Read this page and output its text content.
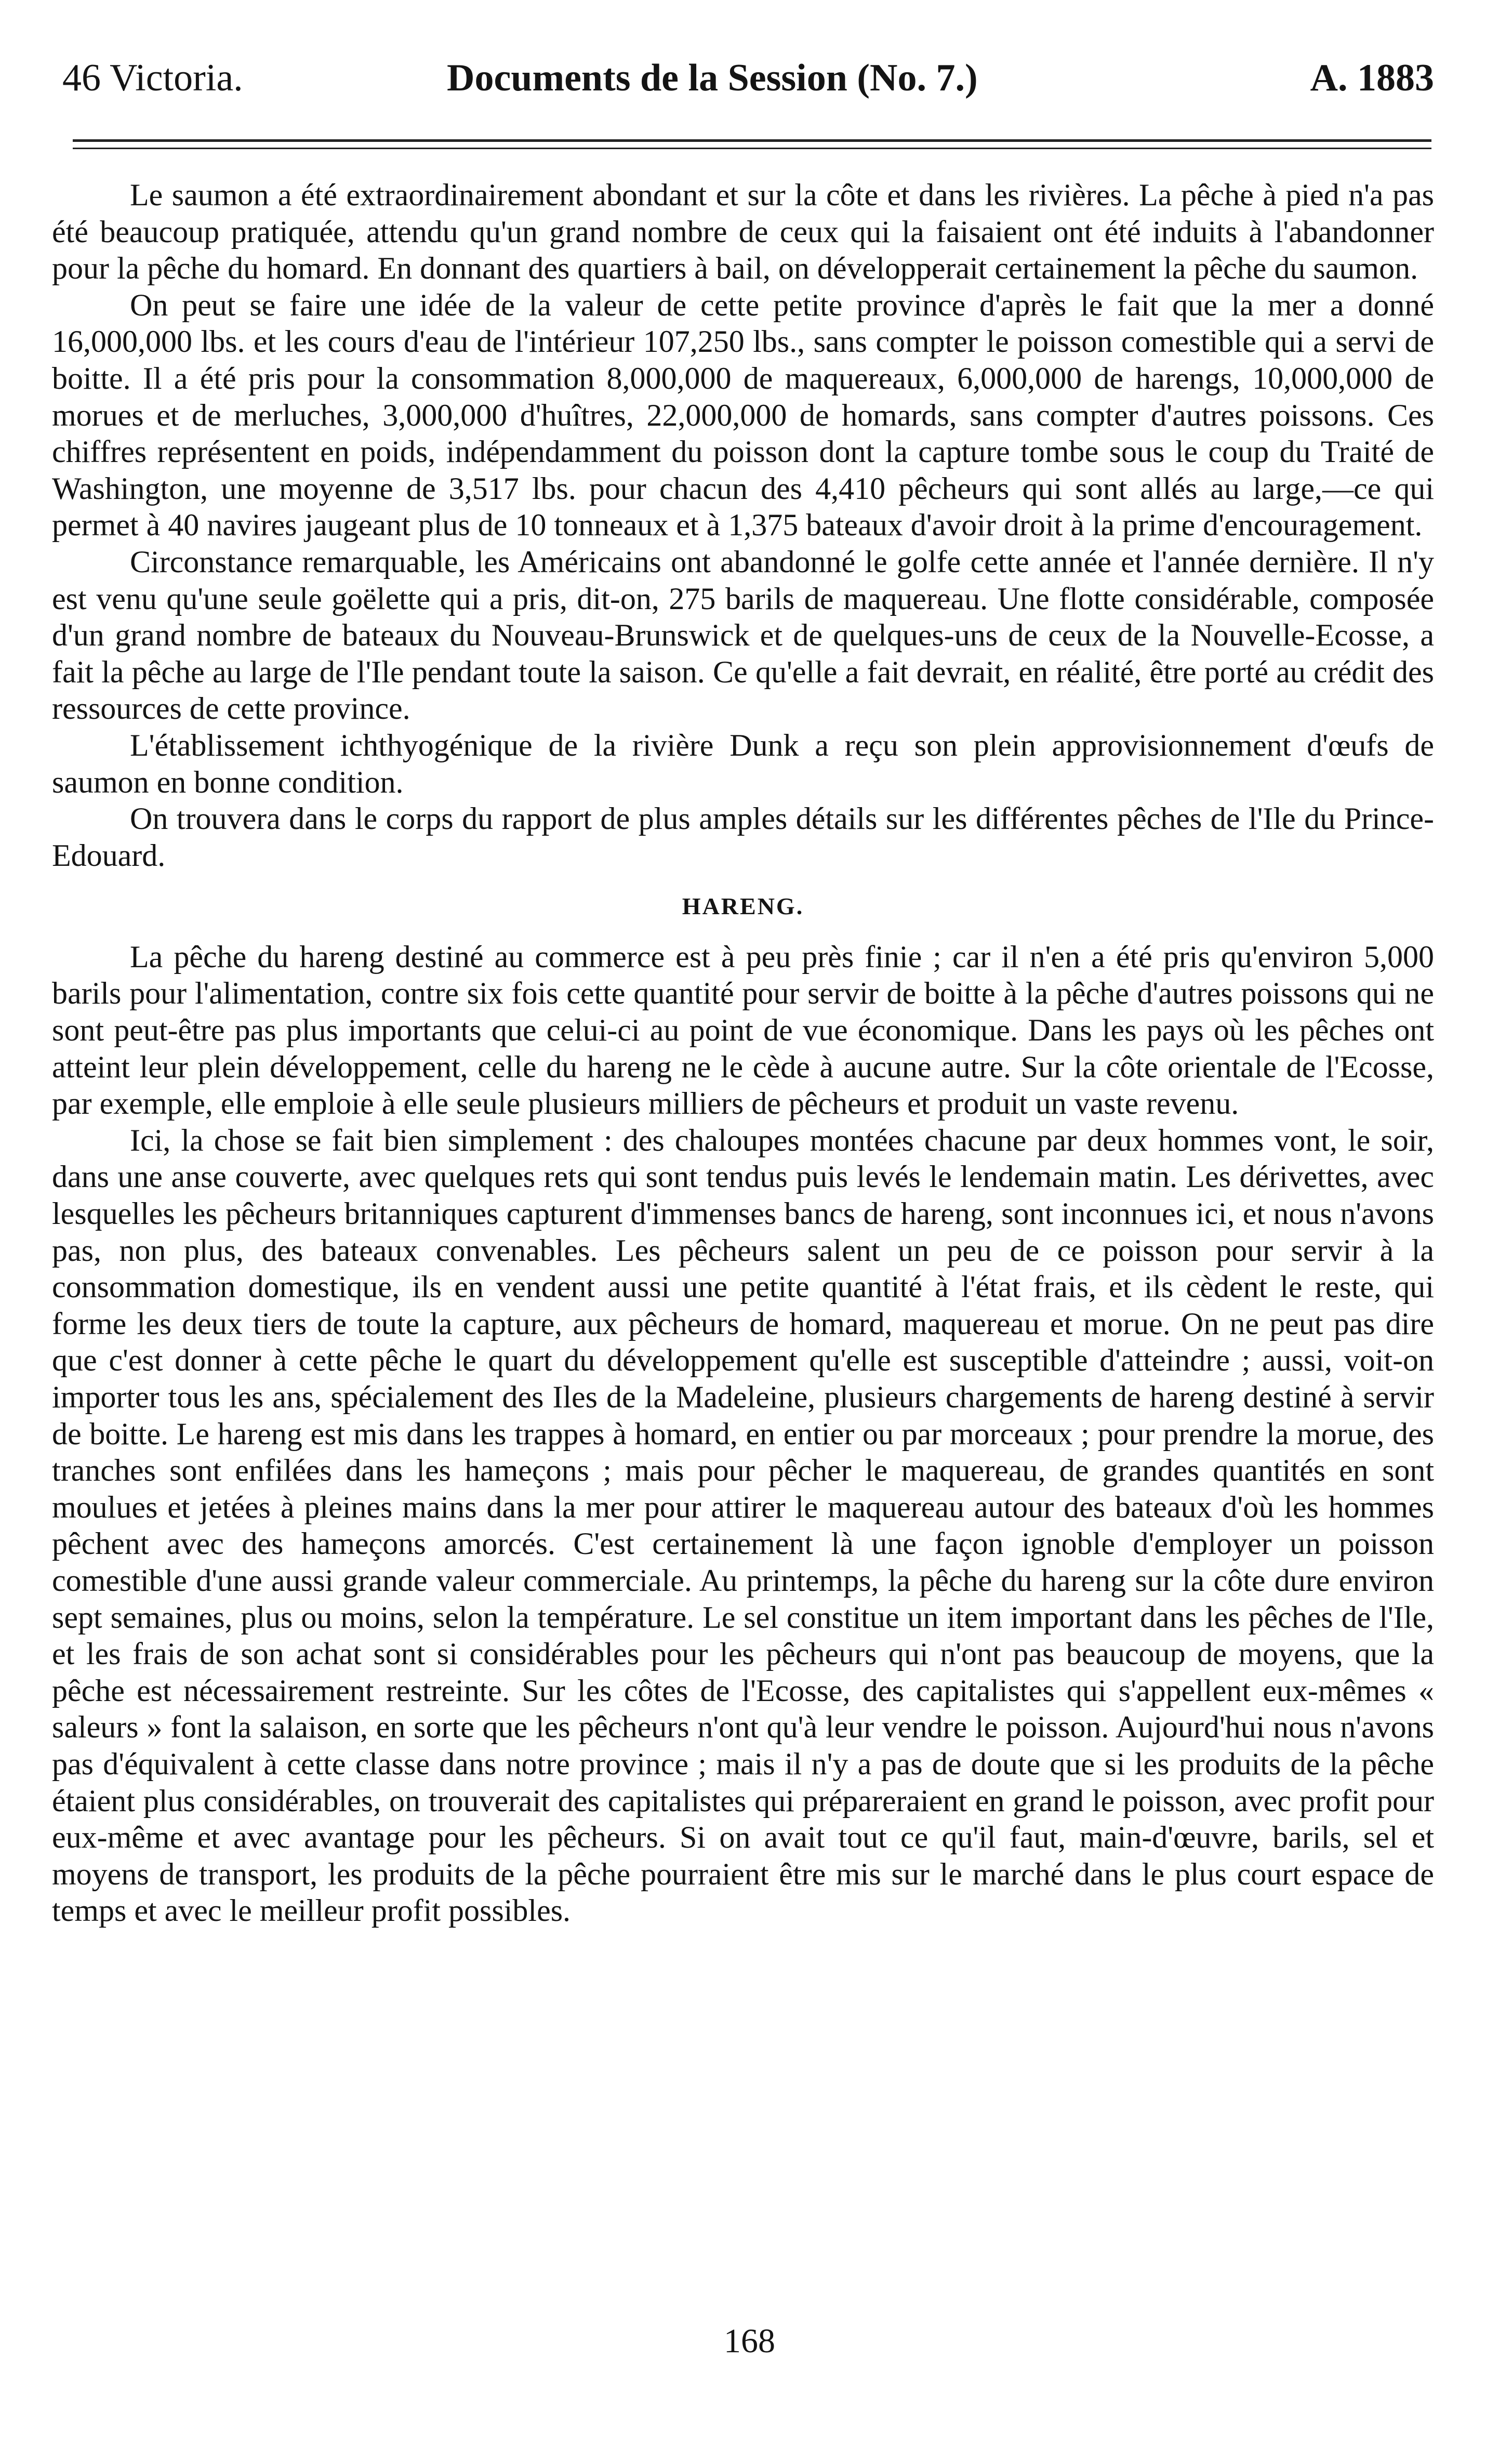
46 Victoria.	Documents de la Session (No. 7.)	A. 1883

Le saumon a été extraordinairement abondant et sur la côte et dans les rivières. La pêche à pied n'a pas été beaucoup pratiquée, attendu qu'un grand nombre de ceux qui la faisaient ont été induits à l'abandonner pour la pêche du homard. En donnant des quartiers à bail, on développerait certainement la pêche du saumon.

On peut se faire une idée de la valeur de cette petite province d'après le fait que la mer a donné 16,000,000 lbs. et les cours d'eau de l'intérieur 107,250 lbs., sans compter le poisson comestible qui a servi de boitte. Il a été pris pour la consommation 8,000,000 de maquereaux, 6,000,000 de harengs, 10,000,000 de morues et de merluches, 3,000,000 d'huîtres, 22,000,000 de homards, sans compter d'autres poissons. Ces chiffres représentent en poids, indépendamment du poisson dont la capture tombe sous le coup du Traité de Washington, une moyenne de 3,517 lbs. pour chacun des 4,410 pêcheurs qui sont allés au large,—ce qui permet à 40 navires jaugeant plus de 10 tonneaux et à 1,375 bateaux d'avoir droit à la prime d'encouragement.

Circonstance remarquable, les Américains ont abandonné le golfe cette année et l'année dernière. Il n'y est venu qu'une seule goëlette qui a pris, dit-on, 275 barils de maquereau. Une flotte considérable, composée d'un grand nombre de bateaux du Nouveau-Brunswick et de quelques-uns de ceux de la Nouvelle-Ecosse, a fait la pêche au large de l'Ile pendant toute la saison. Ce qu'elle a fait devrait, en réalité, être porté au crédit des ressources de cette province.

L'établissement ichthyogénique de la rivière Dunk a reçu son plein approvisionnement d'œufs de saumon en bonne condition.

On trouvera dans le corps du rapport de plus amples détails sur les différentes pêches de l'Ile du Prince-Edouard.

HARENG.

La pêche du hareng destiné au commerce est à peu près finie ; car il n'en a été pris qu'environ 5,000 barils pour l'alimentation, contre six fois cette quantité pour servir de boitte à la pêche d'autres poissons qui ne sont peut-être pas plus importants que celui-ci au point de vue économique. Dans les pays où les pêches ont atteint leur plein développement, celle du hareng ne le cède à aucune autre. Sur la côte orientale de l'Ecosse, par exemple, elle emploie à elle seule plusieurs milliers de pêcheurs et produit un vaste revenu.

Ici, la chose se fait bien simplement : des chaloupes montées chacune par deux hommes vont, le soir, dans une anse couverte, avec quelques rets qui sont tendus puis levés le lendemain matin. Les dérivettes, avec lesquelles les pêcheurs britanniques capturent d'immenses bancs de hareng, sont inconnues ici, et nous n'avons pas, non plus, des bateaux convenables. Les pêcheurs salent un peu de ce poisson pour servir à la consommation domestique, ils en vendent aussi une petite quantité à l'état frais, et ils cèdent le reste, qui forme les deux tiers de toute la capture, aux pêcheurs de homard, maquereau et morue. On ne peut pas dire que c'est donner à cette pêche le quart du développement qu'elle est susceptible d'atteindre ; aussi, voit-on importer tous les ans, spécialement des Iles de la Madeleine, plusieurs chargements de hareng destiné à servir de boitte. Le hareng est mis dans les trappes à homard, en entier ou par morceaux ; pour prendre la morue, des tranches sont enfilées dans les hameçons ; mais pour pêcher le maquereau, de grandes quantités en sont moulues et jetées à pleines mains dans la mer pour attirer le maquereau autour des bateaux d'où les hommes pêchent avec des hameçons amorcés. C'est certainement là une façon ignoble d'employer un poisson comestible d'une aussi grande valeur commerciale. Au printemps, la pêche du hareng sur la côte dure environ sept semaines, plus ou moins, selon la température. Le sel constitue un item important dans les pêches de l'Ile, et les frais de son achat sont si considérables pour les pêcheurs qui n'ont pas beaucoup de moyens, que la pêche est nécessairement restreinte. Sur les côtes de l'Ecosse, des capitalistes qui s'appellent eux-mêmes « saleurs » font la salaison, en sorte que les pêcheurs n'ont qu'à leur vendre le poisson. Aujourd'hui nous n'avons pas d'équivalent à cette classe dans notre province ; mais il n'y a pas de doute que si les produits de la pêche étaient plus considérables, on trouverait des capitalistes qui prépareraient en grand le poisson, avec profit pour eux-même et avec avantage pour les pêcheurs. Si on avait tout ce qu'il faut, main-d'œuvre, barils, sel et moyens de transport, les produits de la pêche pourraient être mis sur le marché dans le plus court espace de temps et avec le meilleur profit possibles.

168
